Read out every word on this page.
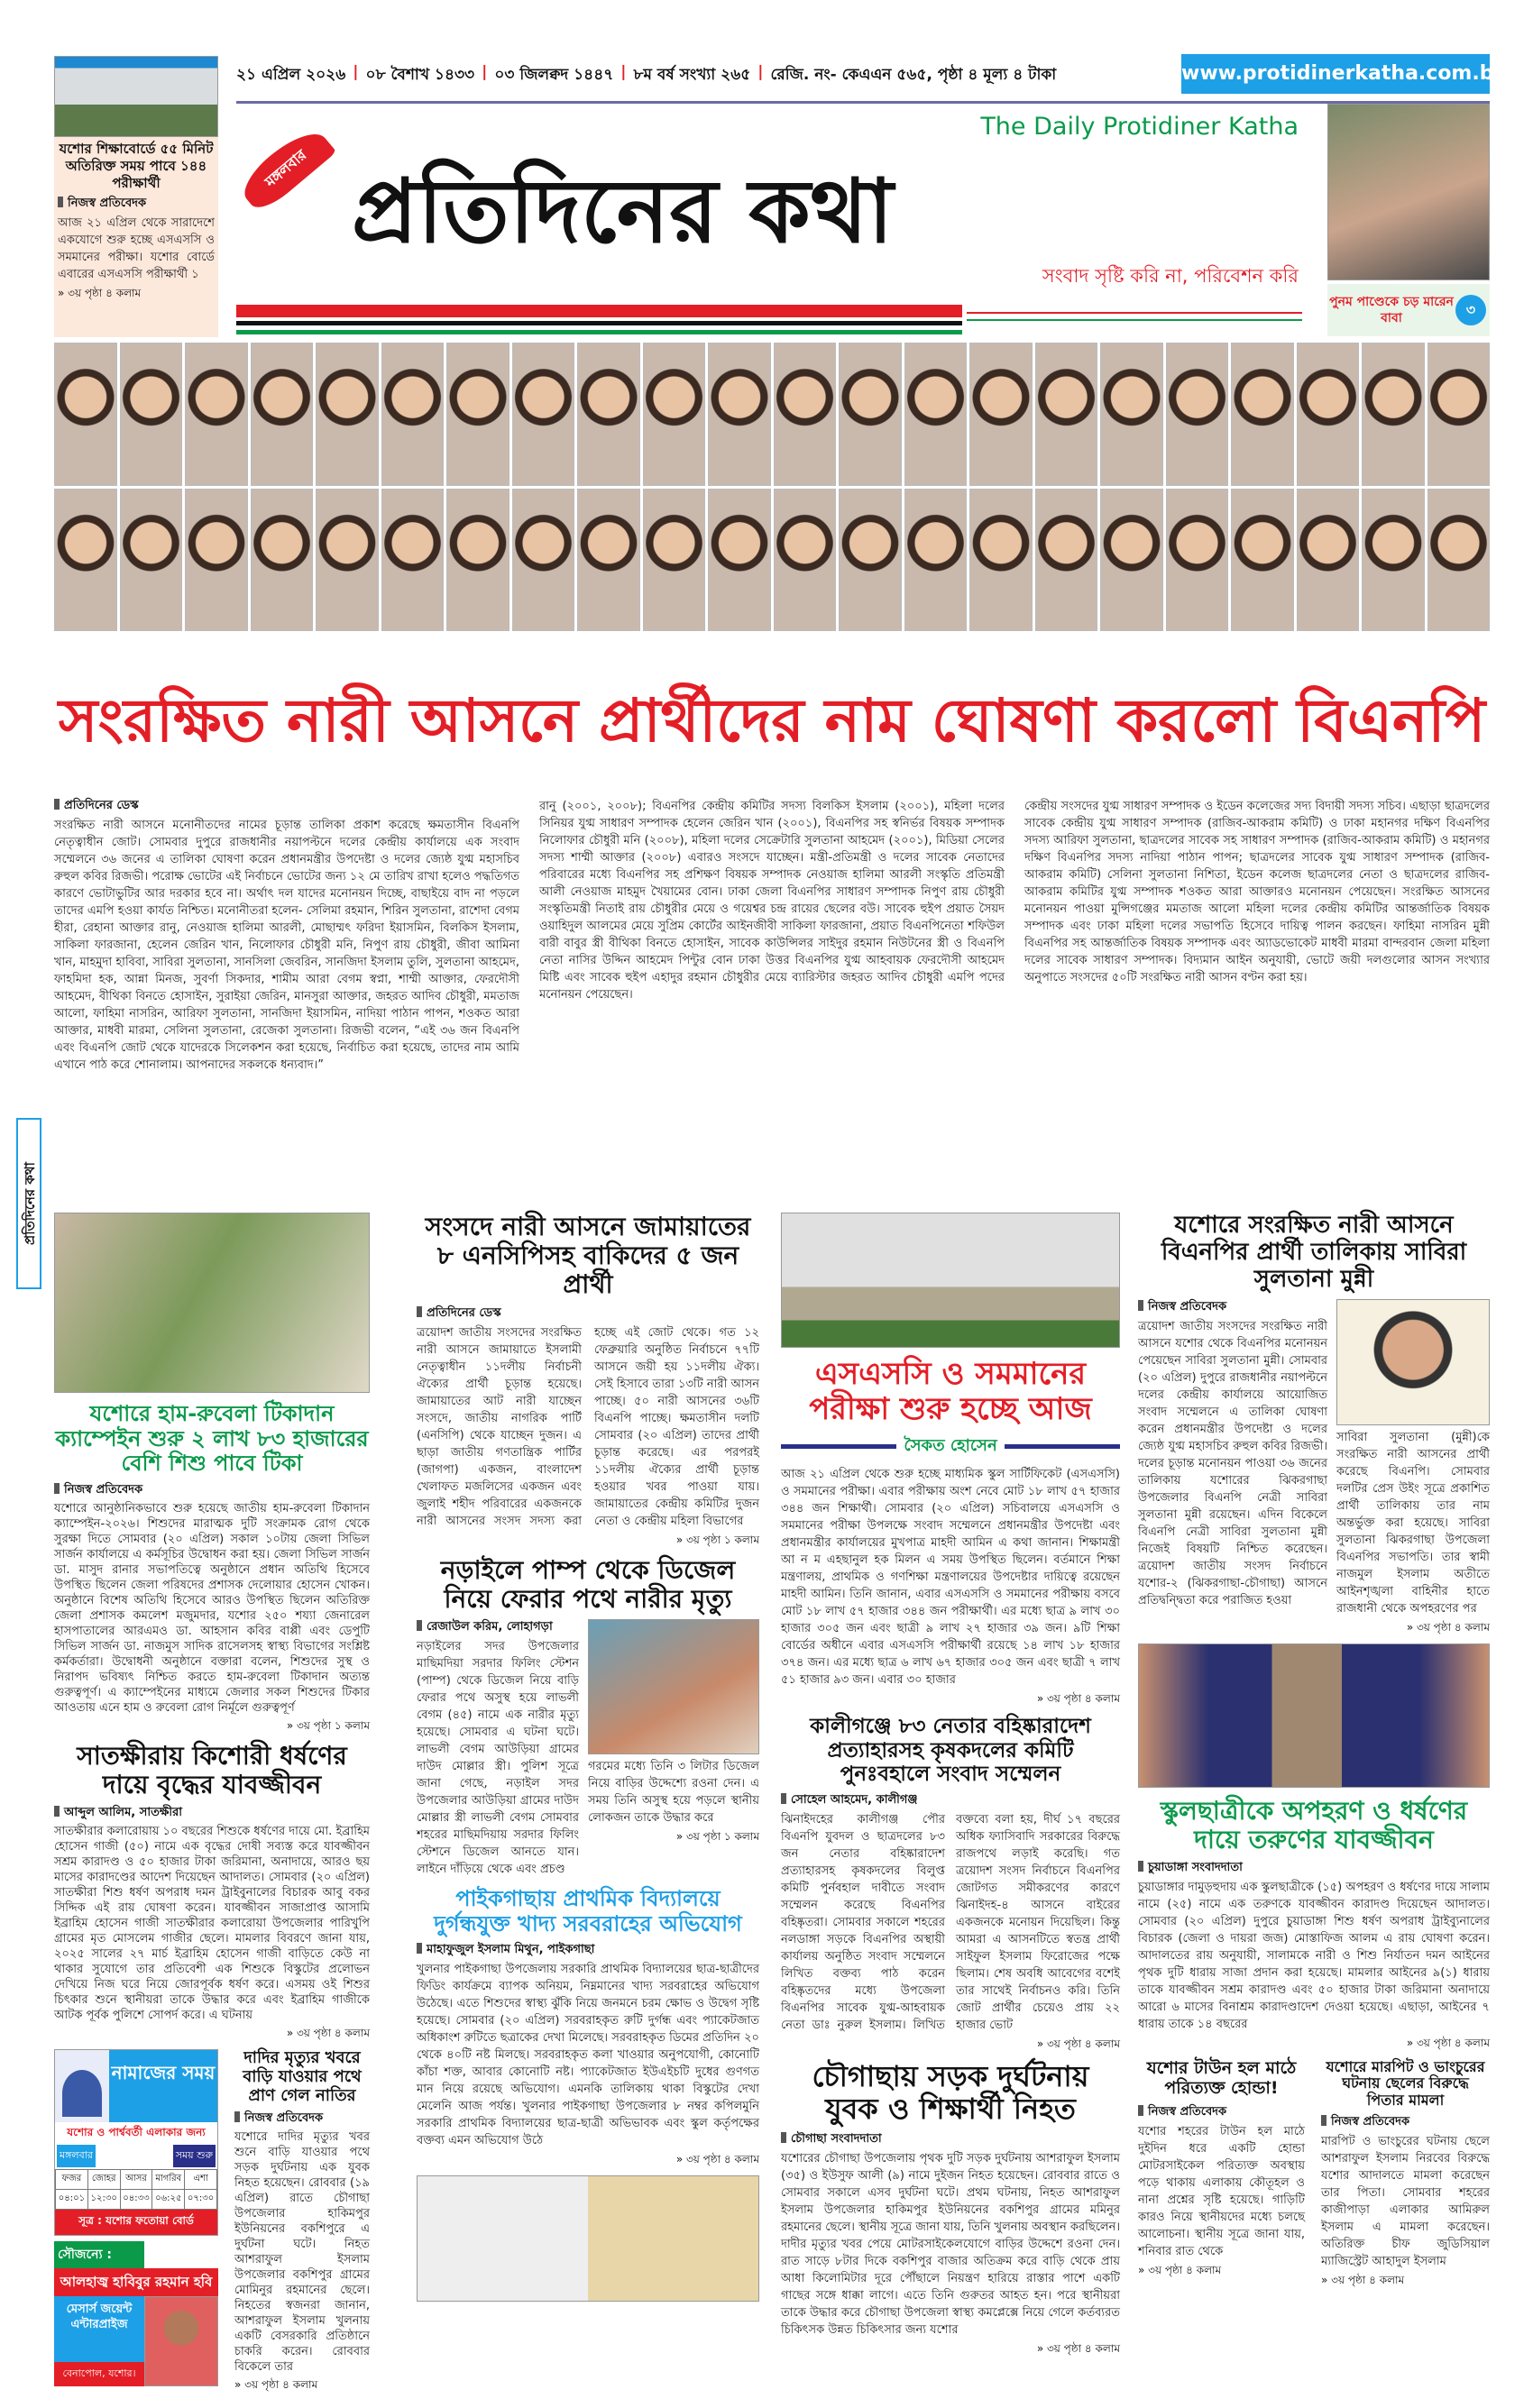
যশোর শিক্ষাবোর্ডে ৫৫ মিনিট অতিরিক্ত সময় পাবে ১৪৪ পরীক্ষার্থী
নিজস্ব প্রতিবেদক
আজ ২১ এপ্রিল থেকে সারাদেশে একযোগে শুরু হচ্ছে এসএসসি ও সমমানের পরীক্ষা। যশোর বোর্ডে এবারের এসএসসি পরীক্ষার্থী ১
» ৩য় পৃষ্ঠা ৪ কলাম
২১ এপ্রিল ২০২৬ | ০৮ বৈশাখ ১৪৩৩ | ০৩ জিলক্বদ ১৪৪৭ | ৮ম বর্ষ সংখ্যা ২৬৫ | রেজি. নং- কেএএন ৫৬৫, পৃষ্ঠা ৪ মূল্য ৪ টাকা	www.protidinerkatha.com.bd
মঙ্গলবার প্রতিদিনের কথা
The Daily Protidiner Katha
সংবাদ সৃষ্টি করি না, পরিবেশন করি
পুনম পাণ্ডেকে চড় মারেন বাবা	৩
সংরক্ষিত নারী আসনে প্রার্থীদের নাম ঘোষণা করলো বিএনপি
প্রতিদিনের কথা
প্রতিদিনের ডেস্ক
সংরক্ষিত নারী আসনে মনোনীতদের নামের চূড়ান্ত তালিকা প্রকাশ করেছে ক্ষমতাসীন বিএনপি নেতৃত্বাধীন জোট। সোমবার দুপুরে রাজধানীর নয়াপল্টনে দলের কেন্দ্রীয় কার্যালয়ে এক সংবাদ সম্মেলনে ৩৬ জনের এ তালিকা ঘোষণা করেন প্রধানমন্ত্রীর উপদেষ্টা ও দলের জ্যেষ্ঠ যুগ্ম মহাসচিব রুহুল কবির রিজভী। পরোক্ষ ভোটের এই নির্বাচনে ভোটের জন্য ১২ মে তারিখ রাখা হলেও পদ্ধতিগত কারণে ভোটাভুটির আর দরকার হবে না। অর্থাৎ দল যাদের মনোনয়ন দিচ্ছে, বাছাইয়ে বাদ না পড়লে তাদের এমপি হওয়া কার্যত নিশ্চিত। মনোনীতরা হলেন- সেলিমা রহমান, শিরিন সুলতানা, রাশেদা বেগম হীরা, রেহানা আক্তার রানু, নেওয়াজ হালিমা আরলী, মোছাম্মৎ ফরিদা ইয়াসমিন, বিলকিস ইসলাম, সাকিলা ফারজানা, হেলেন জেরিন খান, নিলোফার চৌধুরী মনি, নিপুণ রায় চৌধুরী, জীবা আমিনা খান, মাহমুদা হাবিবা, সাবিরা সুলতানা, সানসিলা জেবরিন, সানজিদা ইসলাম তুলি, সুলতানা আহমেদ, ফাহমিদা হক, আন্না মিনজ, সুবর্ণা সিকদার, শামীম আরা বেগম স্বপ্না, শাম্মী আক্তার, ফেরদৌসী আহমেদ, বীথিকা বিনতে হোসাইন, সুরাইয়া জেরিন, মানসুরা আক্তার, জহরত আদিব চৌধুরী, মমতাজ আলো, ফাহিমা নাসরিন, আরিফা সুলতানা, সানজিদা ইয়াসমিন, নাদিয়া পাঠান পাপন, শওকত আরা আক্তার, মাধবী মারমা, সেলিনা সুলতানা, রেজেকা সুলতানা। রিজভী বলেন, “এই ৩৬ জন বিএনপি এবং বিএনপি জোট থেকে যাদেরকে সিলেকশন করা হয়েছে, নির্বাচিত করা হয়েছে, তাদের নাম আমি এখানে পাঠ করে শোনালাম। আপনাদের সকলকে ধন্যবাদ।”
রানু (২০০১, ২০০৮); বিএনপির কেন্দ্রীয় কমিটির সদস্য বিলকিস ইসলাম (২০০১), মহিলা দলের সিনিয়র যুগ্ম সাধারণ সম্পাদক হেলেন জেরিন খান (২০০১), বিএনপির সহ স্বনির্ভর বিষয়ক সম্পাদক নিলোফার চৌধুরী মনি (২০০৮), মহিলা দলের সেক্রেটারি সুলতানা আহমেদ (২০০১), মিডিয়া সেলের সদস্য শাম্মী আক্তার (২০০৮) এবারও সংসদে যাচ্ছেন। মন্ত্রী-প্রতিমন্ত্রী ও দলের সাবেক নেতাদের পরিবারের মধ্যে বিএনপির সহ প্রশিক্ষণ বিষয়ক সম্পাদক নেওয়াজ হালিমা আরলী সংস্কৃতি প্রতিমন্ত্রী আলী নেওয়াজ মাহমুদ খৈয়ামের বোন। ঢাকা জেলা বিএনপির সাধারণ সম্পাদক নিপুণ রায় চৌধুরী সংস্কৃতিমন্ত্রী নিতাই রায় চৌধুরীর মেয়ে ও গয়েশ্বর চন্দ্র রায়ের ছেলের বউ। সাবেক হুইপ প্রয়াত সৈয়দ ওয়াহিদুল আলমের মেয়ে সুপ্রিম কোর্টের আইনজীবী সাকিলা ফারজানা, প্রয়াত বিএনপিনেতা শফিউল বারী বাবুর স্ত্রী বীথিকা বিনতে হোসাইন, সাবেক কাউন্সিলর সাইদুর রহমান নিউটনের স্ত্রী ও বিএনপি নেতা নাসির উদ্দিন আহমেদ পিন্টুর বোন ঢাকা উত্তর বিএনপির যুগ্ম আহবায়ক ফেরদৌসী আহমেদ মিষ্টি এবং সাবেক হুইপ এহাদুর রহমান চৌধুরীর মেয়ে ব্যারিস্টার জহরত আদিব চৌধুরী এমপি পদের মনোনয়ন পেয়েছেন।
কেন্দ্রীয় সংসদের যুগ্ম সাধারণ সম্পাদক ও ইডেন কলেজের সদ্য বিদায়ী সদস্য সচিব। এছাড়া ছাত্রদলের সাবেক কেন্দ্রীয় যুগ্ম সাধারণ সম্পাদক (রাজিব-আকরাম কমিটি) ও ঢাকা মহানগর দক্ষিণ বিএনপির সদস্য আরিফা সুলতানা, ছাত্রদলের সাবেক সহ সাধারণ সম্পাদক (রাজিব-আকরাম কমিটি) ও মহানগর দক্ষিণ বিএনপির সদস্য নাদিয়া পাঠান পাপন; ছাত্রদলের সাবেক যুগ্ম সাধারণ সম্পাদক (রাজিব-আকরাম কমিটি) সেলিনা সুলতানা নিশিতা, ইডেন কলেজ ছাত্রদলের নেতা ও ছাত্রদলের রাজিব-আকরাম কমিটির যুগ্ম সম্পাদক শওকত আরা আক্তারও মনোনয়ন পেয়েছেন। সংরক্ষিত আসনের মনোনয়ন পাওয়া মুন্সিগঞ্জের মমতাজ আলো মহিলা দলের কেন্দ্রীয় কমিটির আন্তর্জাতিক বিষয়ক সম্পাদক এবং ঢাকা মহিলা দলের সভাপতি হিসেবে দায়িত্ব পালন করছেন। ফাহিমা নাসরিন মুন্নী বিএনপির সহ আন্তর্জাতিক বিষয়ক সম্পাদক এবং অ্যাডভোকেট মাধবী মারমা বান্দরবান জেলা মহিলা দলের সাবেক সাধারণ সম্পাদক। বিদ্যমান আইন অনুযায়ী, ভোটে জয়ী দলগুলোর আসন সংখ্যার অনুপাতে সংসদের ৫০টি সংরক্ষিত নারী আসন বণ্টন করা হয়।
যশোরে হাম-রুবেলা টিকাদান ক্যাম্পেইন শুরু ২ লাখ ৮৩ হাজারের বেশি শিশু পাবে টিকা
নিজস্ব প্রতিবেদক
যশোরে আনুষ্ঠানিকভাবে শুরু হয়েছে জাতীয় হাম-রুবেলা টিকাদান ক্যাম্পেইন-২০২৬। শিশুদের মারাত্মক দুটি সংক্রামক রোগ থেকে সুরক্ষা দিতে সোমবার (২০ এপ্রিল) সকাল ১০টায় জেলা সিভিল সার্জন কার্যালয়ে এ কর্মসূচির উদ্বোধন করা হয়। জেলা সিভিল সার্জন ডা. মাসুদ রানার সভাপতিত্বে অনুষ্ঠানে প্রধান অতিথি হিসেবে উপস্থিত ছিলেন জেলা পরিষদের প্রশাসক দেলোয়ার হোসেন খোকন। অনুষ্ঠানে বিশেষ অতিথি হিসেবে আরও উপস্থিত ছিলেন অতিরিক্ত জেলা প্রশাসক কমলেশ মজুমদার, যশোর ২৫০ শয্যা জেনারেল হাসপাতালের আরএমও ডা. আহসান কবির বাপ্পী এবং ডেপুটি সিভিল সার্জন ডা. নাজমুস সাদিক রাসেলসহ স্বাস্থ্য বিভাগের সংশ্লিষ্ট কর্মকর্তারা। উদ্বোধনী অনুষ্ঠানে বক্তারা বলেন, শিশুদের সুস্থ ও নিরাপদ ভবিষ্যৎ নিশ্চিত করতে হাম-রুবেলা টিকাদান অত্যন্ত গুরুত্বপূর্ণ। এ ক্যাম্পেইনের মাধ্যমে জেলার সকল শিশুদের টিকার আওতায় এনে হাম ও রুবেলা রোগ নির্মূলে গুরুত্বপূর্ণ
» ৩য় পৃষ্ঠা ১ কলাম
সাতক্ষীরায় কিশোরী ধর্ষণের দায়ে বৃদ্ধের যাবজ্জীবন
আব্দুল আলিম, সাতক্ষীরা
সাতক্ষীরার কলারোয়ায় ১০ বছরের শিশুকে ধর্ষণের দায়ে মো. ইব্রাহিম হোসেন গাজী (৫০) নামে এক বৃদ্ধের দোষী সব্যস্ত করে যাবজ্জীবন সশ্রম কারাদণ্ড ও ৫০ হাজার টাকা জরিমানা, অনাদায়ে, আরও ছয় মাসের কারাদণ্ডের আদেশ দিয়েছেন আদালত। সোমবার (২০ এপ্রিল) সাতক্ষীরা শিশু ধর্ষণ অপরাধ দমন ট্রাইবুনালের বিচারক আবু বকর সিদ্দিক এই রায় ঘোষণা করেন। যাবজ্জীবন সাজাপ্রাপ্ত আসামি ইব্রাহিম হোসেন গাজী সাতক্ষীরার কলারোয়া উপজেলার পারিখুপি গ্রামের মৃত মোসলেম গাজীর ছেলে। মামলার বিবরণে জানা যায়, ২০২৫ সালের ২৭ মার্চ ইব্রাহিম হোসেন গাজী বাড়িতে কেউ না থাকার সুযোগে তার প্রতিবেশী এক শিশুকে বিস্কুটের প্রলোভন দেখিয়ে নিজ ঘরে নিয়ে জোরপূর্বক ধর্ষণ করে। এসময় ওই শিশুর চিৎকার শুনে স্থানীয়রা তাকে উদ্ধার করে এবং ইব্রাহিম গাজীকে আটক পূর্বক পুলিশে সোপর্দ করে। এ ঘটনায়
» ৩য় পৃষ্ঠা ৪ কলাম
নামাজের সময়
যশোর ও পার্শ্ববর্তী এলাকার জন্য
মঙ্গলবার	সময় শুরু
ফজর	জোহর	আসর	মাগরিব	এশা
০৪:০১	১২:৩০	০৪:৩৩	০৬:২৫	০৭:৩০
সূত্র : যশোর ফতোয়া বোর্ড
সৌজন্যে :
আলহাজ্ব হাবিবুর রহমান হবি
মেসার্স জয়েন্ট এন্টারপ্রাইজ
বেনাপোল, যশোর।
দাদির মৃত্যুর খবরে বাড়ি যাওয়ার পথে প্রাণ গেল নাতির
নিজস্ব প্রতিবেদক
যশোরে দাদির মৃত্যুর খবর শুনে বাড়ি যাওয়ার পথে সড়ক দুর্ঘটনায় এক যুবক নিহত হয়েছেন। রোববার (১৯ এপ্রিল) রাতে চৌগাছা উপজেলার হাকিমপুর ইউনিয়নের বকশিপুরে এ দুর্ঘটনা ঘটে। নিহত আশরাফুল ইসলাম উপজেলার বকশিপুর গ্রামের মোমিনুর রহমানের ছেলে। নিহতের স্বজনরা জানান, আশরাফুল ইসলাম খুলনায় একটি বেসরকারি প্রতিষ্ঠানে চাকরি করেন। রোববার বিকেলে তার
» ৩য় পৃষ্ঠা ৪ কলাম
সংসদে নারী আসনে জামায়াতের ৮ এনসিপিসহ বাকিদের ৫ জন প্রার্থী
প্রতিদিনের ডেস্ক
ত্রয়োদশ জাতীয় সংসদের সংরক্ষিত নারী আসনে জামায়াতে ইসলামী নেতৃত্বাধীন ১১দলীয় নির্বাচনী ঐক্যের প্রার্থী চূড়ান্ত হয়েছে। জামায়াতের আট নারী যাচ্ছেন সংসদে, জাতীয় নাগরিক পার্টি (এনসিপি) থেকে যাচ্ছেন দুজন। এ ছাড়া জাতীয় গণতান্ত্রিক পার্টির (জাগপা) একজন, বাংলাদেশ খেলাফত মজলিসের একজন এবং জুলাই শহীদ পরিবারের একজনকে নারী আসনের সংসদ সদস্য করা হচ্ছে এই জোট থেকে। গত ১২ ফেব্রুয়ারি অনুষ্ঠিত নির্বাচনে ৭৭টি আসনে জয়ী হয় ১১দলীয় ঐক্য। সেই হিসাবে তারা ১৩টি নারী আসন পাচ্ছে। ৫০ নারী আসনের ৩৬টি বিএনপি পাচ্ছে। ক্ষমতাসীন দলটি সোমবার (২০ এপ্রিল) তাদের প্রার্থী চূড়ান্ত করেছে। এর পরপরই ১১দলীয় ঐক্যের প্রার্থী চূড়ান্ত হওয়ার খবর পাওয়া যায়। জামায়াতের কেন্দ্রীয় কমিটির দুজন নেতা ও কেন্দ্রীয় মহিলা বিভাগের
» ৩য় পৃষ্ঠা ১ কলাম
নড়াইলে পাম্প থেকে ডিজেল নিয়ে ফেরার পথে নারীর মৃত্যু
রেজাউল করিম, লোহাগড়া
নড়াইলের সদর উপজেলার মাছিমদিয়া সরদার ফিলিং স্টেশন (পাম্প) থেকে ডিজেল নিয়ে বাড়ি ফেরার পথে অসুস্থ হয়ে লাভলী বেগম (৪৫) নামে এক নারীর মৃত্যু হয়েছে। সোমবার এ ঘটনা ঘটে। লাভলী বেগম আউড়িয়া গ্রামের দাউদ মোল্লার স্ত্রী। পুলিশ সূত্রে জানা গেছে, নড়াইল সদর উপজেলার আউড়িয়া গ্রামের দাউদ মোল্লার স্ত্রী লাভলী বেগম সোমবার শহরের মাছিমদিয়ায় সরদার ফিলিং স্টেশনে ডিজেল আনতে যান। লাইনে দাঁড়িয়ে থেকে এবং প্রচণ্ড
গরমের মধ্যে তিনি ৩ লিটার ডিজেল নিয়ে বাড়ির উদ্দেশ্যে রওনা দেন। এ সময় তিনি অসুস্থ হয়ে পড়লে স্থানীয় লোকজন তাকে উদ্ধার করে
» ৩য় পৃষ্ঠা ১ কলাম
পাইকগাছায় প্রাথমিক বিদ্যালয়ে দুর্গন্ধযুক্ত খাদ্য সরবরাহের অভিযোগ
মাহাফুজুল ইসলাম মিথুন, পাইকগাছা
খুলনার পাইকগাছা উপজেলায় সরকারি প্রাথমিক বিদ্যালয়ের ছাত্র-ছাত্রীদের ফিডিং কার্যক্রমে ব্যাপক অনিয়ম, নিম্নমানের খাদ্য সরবরাহের অভিযোগ উঠেছে। এতে শিশুদের স্বাস্থ্য ঝুঁকি নিয়ে জনমনে চরম ক্ষোভ ও উদ্বেগ সৃষ্টি হয়েছে। সোমবার (২০ এপ্রিল) সরবরাহকৃত রুটি দুর্গন্ধ এবং প্যাকেটজাত অধিকাংশ রুটিতে ছত্রাকের দেখা মিলেছে। সরবরাহকৃত ডিমের প্রতিদিন ২০ থেকে ৪০টি নষ্ট মিলছে। সরবরাহকৃত কলা খাওয়ার অনুপযোগী, কোনোটি কাঁচা শক্ত, আবার কোনোটি নষ্ট। প্যাকেটজাত ইউএইচটি দুধের গুণগত মান নিয়ে রয়েছে অভিযোগ। এমনকি তালিকায় থাকা বিস্কুটের দেখা মেলেনি আজ পর্যন্ত। খুলনার পাইকগাছা উপজেলার ৮ নম্বর কপিলমুনি সরকারি প্রাথমিক বিদ্যালয়ের ছাত্র-ছাত্রী অভিভাবক এবং স্কুল কর্তৃপক্ষের বক্তব্য এমন অভিযোগ উঠে
» ৩য় পৃষ্ঠা ৪ কলাম
এসএসসি ও সমমানের পরীক্ষা শুরু হচ্ছে আজ
সৈকত হোসেন
আজ ২১ এপ্রিল থেকে শুরু হচ্ছে মাধ্যমিক স্কুল সার্টিফিকেট (এসএসসি) ও সমমানের পরীক্ষা। এবার পরীক্ষায় অংশ নেবে মোট ১৮ লাখ ৫৭ হাজার ৩৪৪ জন শিক্ষার্থী। সোমবার (২০ এপ্রিল) সচিবালয়ে এসএসসি ও সমমানের পরীক্ষা উপলক্ষে সংবাদ সম্মেলনে প্রধানমন্ত্রীর উপদেষ্টা এবং প্রধানমন্ত্রীর কার্যালয়ের মুখপাত্র মাহদী আমিন এ কথা জানান। শিক্ষামন্ত্রী আ ন ম এহছানুল হক মিলন এ সময় উপস্থিত ছিলেন। বর্তমানে শিক্ষা মন্ত্রণালয়, প্রাথমিক ও গণশিক্ষা মন্ত্রণালয়ের উপদেষ্টার দায়িত্বে রয়েছেন মাহদী আমিন। তিনি জানান, এবার এসএসসি ও সমমানের পরীক্ষায় বসবে মোট ১৮ লাখ ৫৭ হাজার ৩৪৪ জন পরীক্ষার্থী। এর মধ্যে ছাত্র ৯ লাখ ৩০ হাজার ৩০৫ জন এবং ছাত্রী ৯ লাখ ২৭ হাজার ৩৯ জন। ৯টি শিক্ষা বোর্ডের অধীনে এবার এসএসসি পরীক্ষার্থী রয়েছে ১৪ লাখ ১৮ হাজার ৩৭৪ জন। এর মধ্যে ছাত্র ৬ লাখ ৬৭ হাজার ৩০৫ জন এবং ছাত্রী ৭ লাখ ৫১ হাজার ৯৩ জন। এবার ৩০ হাজার
» ৩য় পৃষ্ঠা ৪ কলাম
কালীগঞ্জে ৮৩ নেতার বহিষ্কারাদেশ প্রত্যাহারসহ কৃষকদলের কমিটি পুনঃবহালে সংবাদ সম্মেলন
সোহেল আহমেদ, কালীগঞ্জ
ঝিনাইদহের কালীগঞ্জ পৌর বিএনপি যুবদল ও ছাত্রদলের ৮৩ জন নেতার বহিষ্কারাদেশ প্রত্যাহারসহ কৃষকদলের বিলুপ্ত কমিটি পুর্নবহাল দাবীতে সংবাদ সম্মেলন করেছে বিএনপির বহিষ্কৃতরা। সোমবার সকালে শহরের নলডাঙ্গা সড়কে বিএনপির অস্থায়ী কার্যালয় অনুষ্ঠিত সংবাদ সম্মেলনে লিখিত বক্তব্য পাঠ করেন বহিষ্কৃতদের মধ্যে উপজেলা বিএনপির সাবেক যুগ্ম-আহবায়ক নেতা ডাঃ নুরুল ইসলাম। লিখিত বক্তব্যে বলা হয়, দীর্ঘ ১৭ বছরের অধিক ফ্যাসিবাদি সরকারের বিরুদ্ধে রাজপথে লড়াই করেছি। গত ত্রয়োদশ সংসদ নির্বাচনে বিএনপির জোটগত সমীকরণের কারণে ঝিনাইদহ-৪ আসনে বাইরের একজনকে মনোয়ন দিয়েছিল। কিন্তু আমরা এ আসনটিতে স্বতন্ত্র প্রার্থী সাইফুল ইসলাম ফিরোজের পক্ষে ছিলাম। শেষ অবধি আবেগের বশেই তার সাথেই নির্বাচনও করি। তিনি জোট প্রার্থীর চেয়েও প্রায় ২২ হাজার ভোট
» ৩য় পৃষ্ঠা ৪ কলাম
চৌগাছায় সড়ক দুর্ঘটনায় যুবক ও শিক্ষার্থী নিহত
চৌগাছা সংবাদদাতা
যশোরের চৌগাছা উপজেলায় পৃথক দুটি সড়ক দুর্ঘটনায় আশরাফুল ইসলাম (৩৫) ও ইউসুফ আলী (৯) নামে দুইজন নিহত হয়েছেন। রোববার রাতে ও সোমবার সকালে এসব দুর্ঘটনা ঘটে। প্রথম ঘটনায়, নিহত আশরাফুল ইসলাম উপজেলার হাকিমপুর ইউনিয়নের বকশিপুর গ্রামের মমিনুর রহমানের ছেলে। স্থানীয় সূত্রে জানা যায়, তিনি খুলনায় অবস্থান করছিলেন। দাদীর মৃত্যুর খবর পেয়ে মোটরসাইকেলযোগে বাড়ির উদ্দেশে রওনা দেন। রাত সাড়ে ৮টার দিকে বকশিপুর বাজার অতিক্রম করে বাড়ি থেকে প্রায় আধা কিলোমিটার দূরে পৌঁছালে নিয়ন্ত্রণ হারিয়ে রাস্তার পাশে একটি গাছের সঙ্গে ধাক্কা লাগে। এতে তিনি গুরুতর আহত হন। পরে স্থানীয়রা তাকে উদ্ধার করে চৌগাছা উপজেলা স্বাস্থ্য কমপ্লেক্সে নিয়ে গেলে কর্তব্যরত চিকিৎসক উন্নত চিকিৎসার জন্য যশোর
» ৩য় পৃষ্ঠা ৪ কলাম
যশোরে সংরক্ষিত নারী আসনে বিএনপির প্রার্থী তালিকায় সাবিরা সুলতানা মুন্নী
নিজস্ব প্রতিবেদক
ত্রয়োদশ জাতীয় সংসদের সংরক্ষিত নারী আসনে যশোর থেকে বিএনপির মনোনয়ন পেয়েছেন সাবিরা সুলতানা মুন্নী। সোমবার (২০ এপ্রিল) দুপুরে রাজধানীর নয়াপল্টনে দলের কেন্দ্রীয় কার্যালয়ে আয়োজিত সংবাদ সম্মেলনে এ তালিকা ঘোষণা করেন প্রধানমন্ত্রীর উপদেষ্টা ও দলের জ্যেষ্ঠ যুগ্ম মহাসচিব রুহুল কবির রিজভী। দলের চূড়ান্ত মনোনয়ন পাওয়া ৩৬ জনের তালিকায় যশোরের ঝিকরগাছা উপজেলার বিএনপি নেত্রী সাবিরা সুলতানা মুন্নী রয়েছেন। এদিন বিকেলে বিএনপি নেত্রী সাবিরা সুলতানা মুন্নী নিজেই বিষয়টি নিশ্চিত করেছেন। ত্রয়োদশ জাতীয় সংসদ নির্বাচনে যশোর-২ (ঝিকরগাছা-চৌগাছা) আসনে প্রতিদ্বন্দ্বিতা করে পরাজিত হওয়া
সাবিরা সুলতানা (মুন্নী)কে সংরক্ষিত নারী আসনের প্রার্থী করেছে বিএনপি। সোমবার দলটির প্রেস উইং সূত্রে প্রকাশিত প্রার্থী তালিকায় তার নাম অন্তর্ভুক্ত করা হয়েছে। সাবিরা সুলতানা ঝিকরগাছা উপজেলা বিএনপির সভাপতি। তার স্বামী নাজমুল ইসলাম অতীতে আইনশৃঙ্খলা বাহিনীর হাতে রাজধানী থেকে অপহরণের পর
» ৩য় পৃষ্ঠা ৪ কলাম
স্কুলছাত্রীকে অপহরণ ও ধর্ষণের দায়ে তরুণের যাবজ্জীবন
চুয়াডাঙ্গা সংবাদদাতা
চুয়াডাঙ্গার দামুড়হুদায় এক স্কুলছাত্রীকে (১৫) অপহরণ ও ধর্ষণের দায়ে সালাম নামে (২৫) নামে এক তরুণকে যাবজ্জীবন কারাদণ্ড দিয়েছেন আদালত। সোমবার (২০ এপ্রিল) দুপুরে চুয়াডাঙ্গা শিশু ধর্ষণ অপরাধ ট্রাইব্যুনালের বিচারক (জেলা ও দায়রা জজ) মোস্তাফিজ আলম এ রায় ঘোষণা করেন। আদালতের রায় অনুযায়ী, সালামকে নারী ও শিশু নির্যাতন দমন আইনের পৃথক দুটি ধারায় সাজা প্রদান করা হয়েছে। মামলার আইনের ৯(১) ধারায় তাকে যাবজ্জীবন সশ্রম কারাদণ্ড এবং ৫০ হাজার টাকা জরিমানা অনাদায়ে আরো ৬ মাসের বিনাশ্রম কারাদণ্ডাদেশ দেওয়া হয়েছে। এছাড়া, আইনের ৭ ধারায় তাকে ১৪ বছরের
» ৩য় পৃষ্ঠা ৪ কলাম
যশোর টাউন হল মাঠে পরিত্যক্ত হোন্ডা!
নিজস্ব প্রতিবেদক
যশোর শহরের টাউন হল মাঠে দুইদিন ধরে একটি হোন্ডা মোটরসাইকেল পরিত্যক্ত অবস্থায় পড়ে থাকায় এলাকায় কৌতূহল ও নানা প্রশ্নের সৃষ্টি হয়েছে। গাড়িটি কারও নিয়ে স্থানীয়দের মধ্যে চলছে আলোচনা। স্থানীয় সূত্রে জানা যায়, শনিবার রাত থেকে
» ৩য় পৃষ্ঠা ৪ কলাম
যশোরে মারপিট ও ভাংচুরের ঘটনায় ছেলের বিরুদ্ধে পিতার মামলা
নিজস্ব প্রতিবেদক
মারপিট ও ভাংচুরের ঘটনায় ছেলে আশরাফুল ইসলাম নিরবের বিরুদ্ধে যশোর আদালতে মামলা করেছেন তার পিতা। সোমবার শহরের কাজীপাড়া এলাকার আমিরুল ইসলাম এ মামলা করেছেন। অতিরিক্ত চীফ জুডিসিয়াল ম্যাজিস্ট্রেট আহাদুল ইসলাম
» ৩য় পৃষ্ঠা ৪ কলাম
